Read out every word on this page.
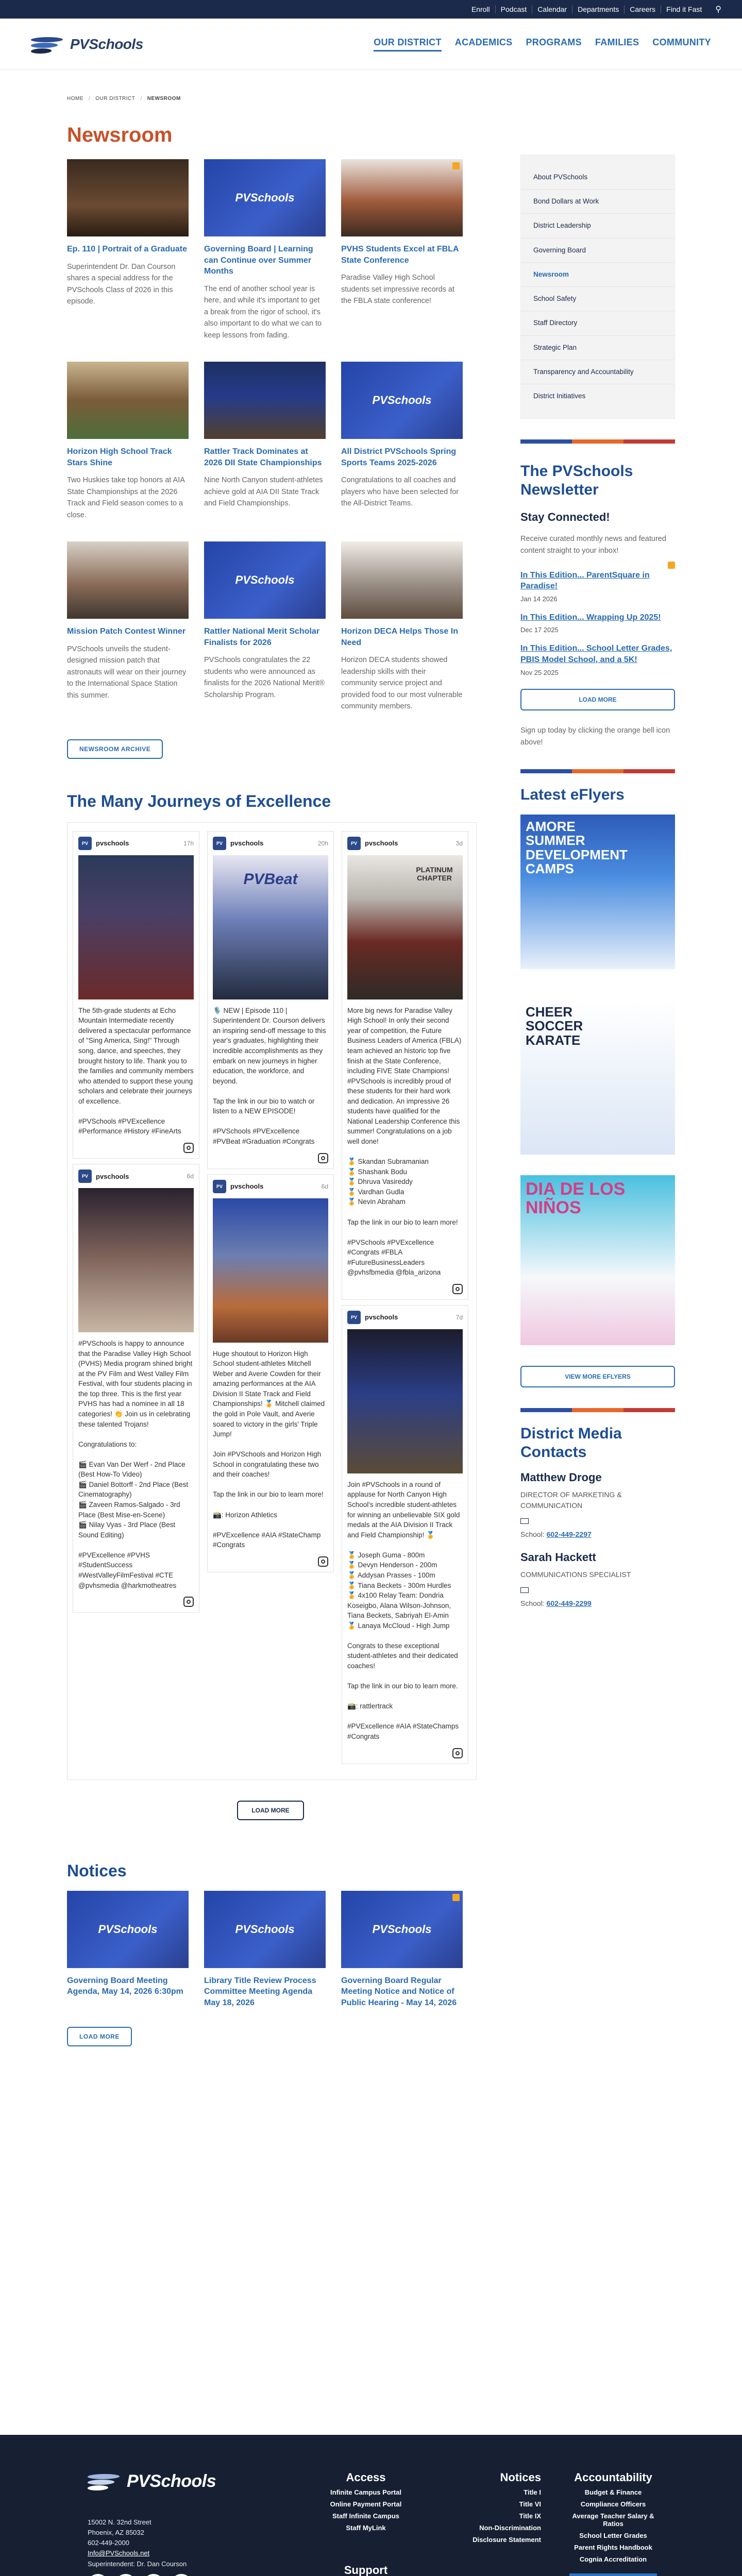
Enroll	Podcast	Calendar	Departments	Careers	Find it Fast	⚲
PVSchools	OUR DISTRICT ACADEMICS PROGRAMS FAMILIES COMMUNITY
HOME / OUR DISTRICT / NEWSROOM
Newsroom
Ep. 110 | Portrait of a Graduate
Superintendent Dr. Dan Courson shares a special address for the PVSchools Class of 2026 in this episode.
PVSchools
Governing Board | Learning can Continue over Summer Months
The end of another school year is here, and while it's important to get a break from the rigor of school, it's also important to do what we can to keep lessons from fading.
PVHS Students Excel at FBLA State Conference
Paradise Valley High School students set impressive records at the FBLA state conference!
Horizon High School Track Stars Shine
Two Huskies take top honors at AIA State Championships at the 2026 Track and Field season comes to a close.
Rattler Track Dominates at 2026 DII State Championships
Nine North Canyon student-athletes achieve gold at AIA DII State Track and Field Championships.
PVSchools
All District PVSchools Spring Sports Teams 2025-2026
Congratulations to all coaches and players who have been selected for the All-District Teams.
Mission Patch Contest Winner
PVSchools unveils the student-designed mission patch that astronauts will wear on their journey to the International Space Station this summer.
PVSchools
Rattler National Merit Scholar Finalists for 2026
PVSchools congratulates the 22 students who were announced as finalists for the 2026 National Merit® Scholarship Program.
Horizon DECA Helps Those In Need
Horizon DECA students showed leadership skills with their community service project and provided food to our most vulnerable community members.
NEWSROOM ARCHIVE
The Many Journeys of Excellence
PV	pvschools	17h
The 5th-grade students at Echo Mountain Intermediate recently delivered a spectacular performance of "Sing America, Sing!" Through song, dance, and speeches, they brought history to life. Thank you to the families and community members who attended to support these young scholars and celebrate their journeys of excellence.

#PVSchools #PVExcellence #Performance #History #FineArts
PV	pvschools	6d
#PVSchools is happy to announce that the Paradise Valley High School (PVHS) Media program shined bright at the PV Film and West Valley Film Festival, with four students placing in the top three. This is the first year PVHS has had a nominee in all 18 categories! 👏 Join us in celebrating these talented Trojans!

Congratulations to:

🎬 Evan Van Der Werf - 2nd Place (Best How-To Video)
🎬 Daniel Bottorff - 2nd Place (Best Cinematography)
🎬 Zaveen Ramos-Salgado - 3rd Place (Best Mise-en-Scene)
🎬 Nilay Vyas - 3rd Place (Best Sound Editing)

#PVExcellence #PVHS #StudentSuccess #WestValleyFilmFestival #CTE @pvhsmedia @harkmotheatres
PV	pvschools	20h
PVBeat
🎙️ NEW | Episode 110 | Superintendent Dr. Courson delivers an inspiring send-off message to this year's graduates, highlighting their incredible accomplishments as they embark on new journeys in higher education, the workforce, and beyond.

Tap the link in our bio to watch or listen to a NEW EPISODE!

#PVSchools #PVExcellence #PVBeat #Graduation #Congrats
PV	pvschools	6d
Huge shoutout to Horizon High School student-athletes Mitchell Weber and Averie Cowden for their amazing performances at the AIA Division II State Track and Field Championships! 🏅 Mitchell claimed the gold in Pole Vault, and Averie soared to victory in the girls' Triple Jump!

Join #PVSchools and Horizon High School in congratulating these two and their coaches!

Tap the link in our bio to learn more!

📸: Horizon Athletics

#PVExcellence #AIA #StateChamp #Congrats
PV	pvschools	3d
PLATINUM CHAPTER
More big news for Paradise Valley High School! In only their second year of competition, the Future Business Leaders of America (FBLA) team achieved an historic top five finish at the State Conference, including FIVE State Champions! #PVSchools is incredibly proud of these students for their hard work and dedication. An impressive 26 students have qualified for the National Leadership Conference this summer! Congratulations on a job well done!

🏅 Skandan Subramanian
🏅 Shashank Bodu
🏅 Dhruva Vasireddy
🏅 Vardhan Gudla
🏅 Nevin Abraham

Tap the link in our bio to learn more!

#PVSchools #PVExcellence #Congrats #FBLA #FutureBusinessLeaders @pvhsfbmedia @fbla_arizona
PV	pvschools	7d
Join #PVSchools in a round of applause for North Canyon High School's incredible student-athletes for winning an unbelievable SIX gold medals at the AIA Division II Track and Field Championship! 🏅

🏅 Joseph Guma - 800m
🏅 Devyn Henderson - 200m
🏅 Addysan Prasses - 100m
🏅 Tiana Beckets - 300m Hurdles
🏅 4x100 Relay Team: Dondria Koseigbo, Alana Wilson-Johnson, Tiana Beckets, Sabriyah El-Amin
🏅 Lanaya McCloud - High Jump

Congrats to these exceptional student-athletes and their dedicated coaches!

Tap the link in our bio to learn more.

📸: rattlertrack

#PVExcellence #AIA #StateChamps #Congrats
LOAD MORE
Notices
PVSchools
Governing Board Meeting Agenda, May 14, 2026 6:30pm
PVSchools
Library Title Review Process Committee Meeting Agenda May 18, 2026
PVSchools
Governing Board Regular Meeting Notice and Notice of Public Hearing - May 14, 2026
LOAD MORE
About PVSchools
Bond Dollars at Work
District Leadership
Governing Board
Newsroom
School Safety
Staff Directory
Strategic Plan
Transparency and Accountability
District Initiatives
The PVSchools Newsletter
Stay Connected!

Receive curated monthly news and featured content straight to your inbox!

In This Edition... ParentSquare in Paradise!
Jan 14 2026
In This Edition... Wrapping Up 2025!
Dec 17 2025
In This Edition... School Letter Grades, PBIS Model School, and a 5K!
Nov 25 2025
LOAD MORE

Sign up today by clicking the orange bell icon above!

Latest eFlyers
AMORE SUMMER DEVELOPMENT CAMPS
CHEER SOCCER KARATE
DIA DE LOS NIÑOS
VIEW MORE EFLYERS
District Media Contacts
Matthew Droge
DIRECTOR OF MARKETING & COMMUNICATION
School: 602-449-2297
Sarah Hackett
COMMUNICATIONS SPECIALIST
School: 602-449-2299
PVSchools
15002 N. 32nd Street
Phoenix, AZ 85032
602-449-2000
Info@PVSchools.net
Superintendent: Dr. Dan Courson
Access
Infinite Campus Portal
Online Payment Portal
Staff Infinite Campus
Staff MyLink
Notices
Title I
Title VI
Title IX
Non-Discrimination
Disclosure Statement
Accountability
Budget & Finance
Compliance Officers
Average Teacher Salary & Ratios
School Letter Grades
Parent Rights Handbook
Cognia Accreditation
Support
